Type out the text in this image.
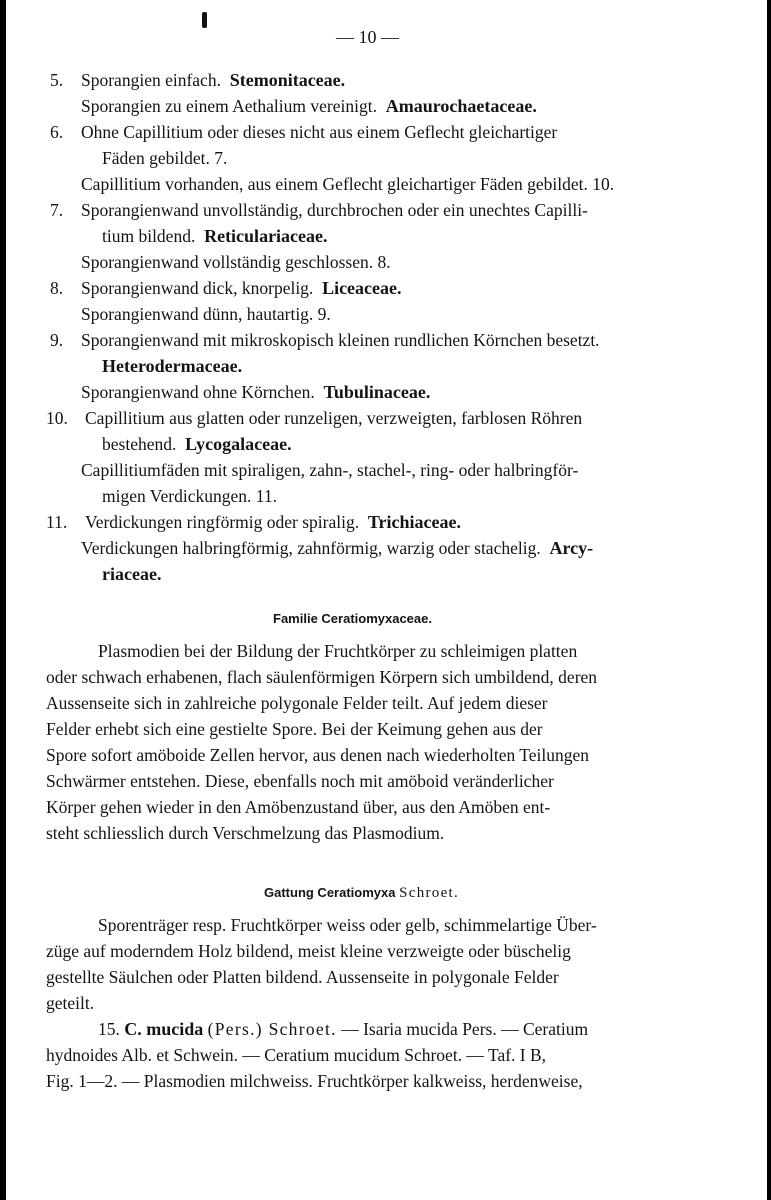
— 10 —
5. Sporangien einfach. Stemonitaceae.
Sporangien zu einem Aethalium vereinigt. Amaurochaetaceae.
6. Ohne Capillitium oder dieses nicht aus einem Geflecht gleichartiger
Fäden gebildet. 7.
Capillitium vorhanden, aus einem Geflecht gleichartiger Fäden gebildet. 10.
7. Sporangienwand unvollständig, durchbrochen oder ein unechtes Capilli-
tium bildend. Reticulariaceae.
Sporangienwand vollständig geschlossen. 8.
8. Sporangienwand dick, knorpelig. Liceaceae.
Sporangienwand dünn, hautartig. 9.
9. Sporangienwand mit mikroskopisch kleinen rundlichen Körnchen besetzt.
Heterodermaceae.
Sporangienwand ohne Körnchen. Tubulinaceae.
10. Capillitium aus glatten oder runzeligen, verzweigten, farblosen Röhren
bestehend. Lycogalaceae.
Capillitiumfäden mit spiraligen, zahn-, stachel-, ring- oder halbringför-
migen Verdickungen. 11.
11. Verdickungen ringförmig oder spiralig. Trichiaceae.
Verdickungen halbringförmig, zahnförmig, warzig oder stachelig. Arcy-
riaceae.
Familie Ceratiomyxaceae.
Plasmodien bei der Bildung der Fruchtkörper zu schleimigen platten
oder schwach erhabenen, flach säulenförmigen Körpern sich umbildend, deren
Aussenseite sich in zahlreiche polygonale Felder teilt. Auf jedem dieser
Felder erhebt sich eine gestielte Spore. Bei der Keimung gehen aus der
Spore sofort amöboide Zellen hervor, aus denen nach wiederholten Teilungen
Schwärmer entstehen. Diese, ebenfalls noch mit amöboid veränderlicher
Körper gehen wieder in den Amöbenzustand über, aus den Amöben ent-
steht schliesslich durch Verschmelzung das Plasmodium.
Gattung Ceratiomyxa Schroet.
Sporenträger resp. Fruchtkörper weiss oder gelb, schimmelartige Über-
züge auf moderndem Holz bildend, meist kleine verzweigte oder büschelig
gestellte Säulchen oder Platten bildend. Aussenseite in polygonale Felder
geteilt.
15. C. mucida (Pers.) Schroet. — Isaria mucida Pers. — Ceratium
hydnoides Alb. et Schwein. — Ceratium mucidum Schroet. — Taf. I B,
Fig. 1—2. — Plasmodien milchweiss. Fruchtkörper kalkweiss, herdenweise,
